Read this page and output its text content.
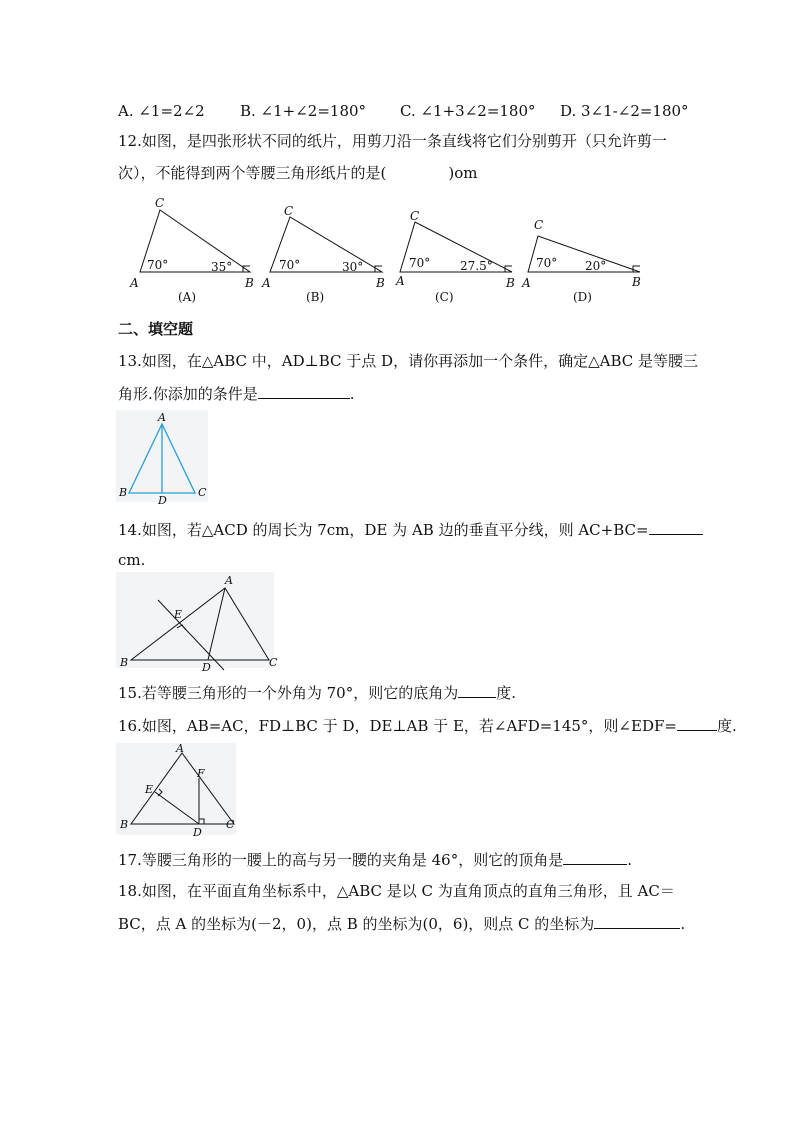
A. ∠1=2∠2 B. ∠1+∠2=180° C. ∠1+3∠2=180° D. 3∠1-∠2=180°
12.如图，是四张形状不同的纸片，用剪刀沿一条直线将它们分别剪开（只允许剪一
次），不能得到两个等腰三角形纸片的是(	)om
C
A	B
70°	35°
(A)
C
A	B
70°	30°
(B)
C
A	B
70° 27.5°
(C)
C
A	B
70° 20°
(D)
二、填空题
13.如图，在△ABC 中，AD⊥BC 于点 D，请你再添加一个条件，确定△ABC 是等腰三
角形.你添加的条件是	.
A
B	C
D
14.如图，若△ACD 的周长为 7cm，DE 为 AB 边的垂直平分线，则 AC+BC=
cm.
A
B	C
D
E
15.若等腰三角形的一个外角为 70°，则它的底角为	度.
16.如图，AB=AC，FD⊥BC 于 D，DE⊥AB 于 E，若∠AFD=145°，则∠EDF=	度.
A
B	C
D
E
F
17.等腰三角形的一腰上的高与另一腰的夹角是 46°，则它的顶角是	.
18.如图，在平面直角坐标系中，△ABC 是以 C 为直角顶点的直角三角形，且 AC＝
BC，点 A 的坐标为(－2，0)，点 B 的坐标为(0，6)，则点 C 的坐标为	.
